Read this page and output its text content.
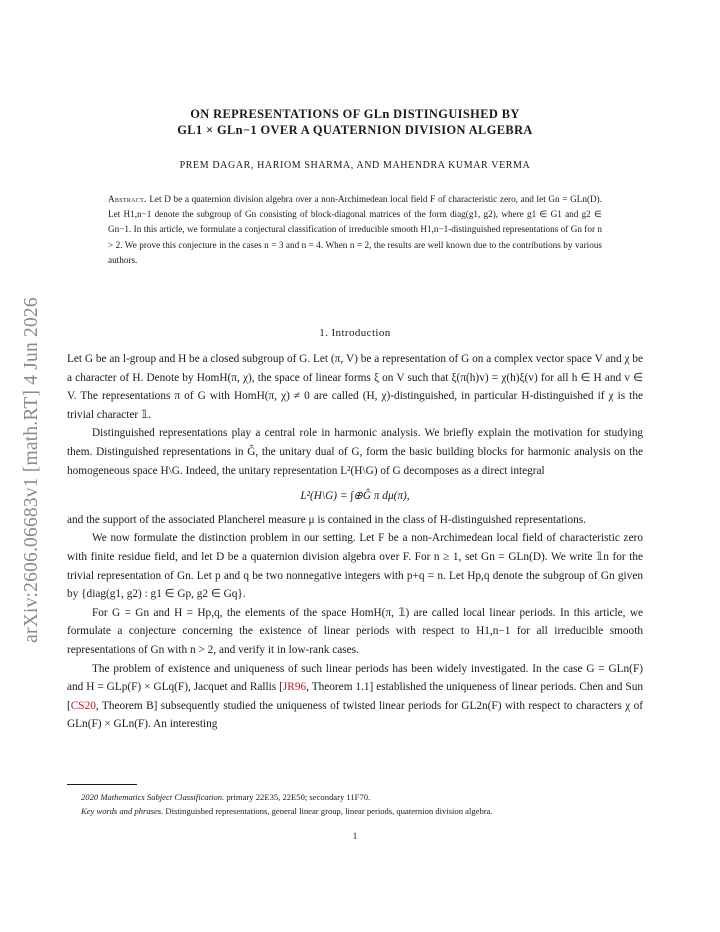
arXiv:2606.06683v1 [math.RT] 4 Jun 2026
ON REPRESENTATIONS OF GLn DISTINGUISHED BY
GL1 × GLn−1 OVER A QUATERNION DIVISION ALGEBRA
PREM DAGAR, HARIOM SHARMA, AND MAHENDRA KUMAR VERMA
Abstract. Let D be a quaternion division algebra over a non-Archimedean local field F of characteristic zero, and let Gn = GLn(D). Let H1,n−1 denote the subgroup of Gn consisting of block-diagonal matrices of the form diag(g1, g2), where g1 ∈ G1 and g2 ∈ Gn−1. In this article, we formulate a conjectural classification of irreducible smooth H1,n−1-distinguished representations of Gn for n > 2. We prove this conjecture in the cases n = 3 and n = 4. When n = 2, the results are well known due to the contributions by various authors.
1. Introduction

Let G be an l-group and H be a closed subgroup of G. Let (π, V) be a representation of G on a complex vector space V and χ be a character of H. Denote by HomH(π, χ), the space of linear forms ξ on V such that ξ(π(h)v) = χ(h)ξ(v) for all h ∈ H and v ∈ V. The representations π of G with HomH(π, χ) ≠ 0 are called (H, χ)-distinguished, in particular H-distinguished if χ is the trivial character 𝟙.

Distinguished representations play a central role in harmonic analysis. We briefly explain the motivation for studying them. Distinguished representations in Ĝ, the unitary dual of G, form the basic building blocks for harmonic analysis on the homogeneous space H\G. Indeed, the unitary representation L²(H\G) of G decomposes as a direct integral

L²(H\G) = ∫⊕Ĝ π dμ(π),

and the support of the associated Plancherel measure μ is contained in the class of H-distinguished representations.

We now formulate the distinction problem in our setting. Let F be a non-Archimedean local field of characteristic zero with finite residue field, and let D be a quaternion division algebra over F. For n ≥ 1, set Gn = GLn(D). We write 𝟙n for the trivial representation of Gn. Let p and q be two nonnegative integers with p+q = n. Let Hp,q denote the subgroup of Gn given by {diag(g1, g2) : g1 ∈ Gp, g2 ∈ Gq}.

For G = Gn and H = Hp,q, the elements of the space HomH(π, 𝟙) are called local linear periods. In this article, we formulate a conjecture concerning the existence of linear periods with respect to H1,n−1 for all irreducible smooth representations of Gn with n > 2, and verify it in low-rank cases.

The problem of existence and uniqueness of such linear periods has been widely investigated. In the case G = GLn(F) and H = GLp(F) × GLq(F), Jacquet and Rallis [JR96, Theorem 1.1] established the uniqueness of linear periods. Chen and Sun [CS20, Theorem B] subsequently studied the uniqueness of twisted linear periods for GL2n(F) with respect to characters χ of GLn(F) × GLn(F). An interesting

2020 Mathematics Subject Classification. primary 22E35, 22E50; secondary 11F70.

Key words and phrases. Distinguished representations, general linear group, linear periods, quaternion division algebra.

1
